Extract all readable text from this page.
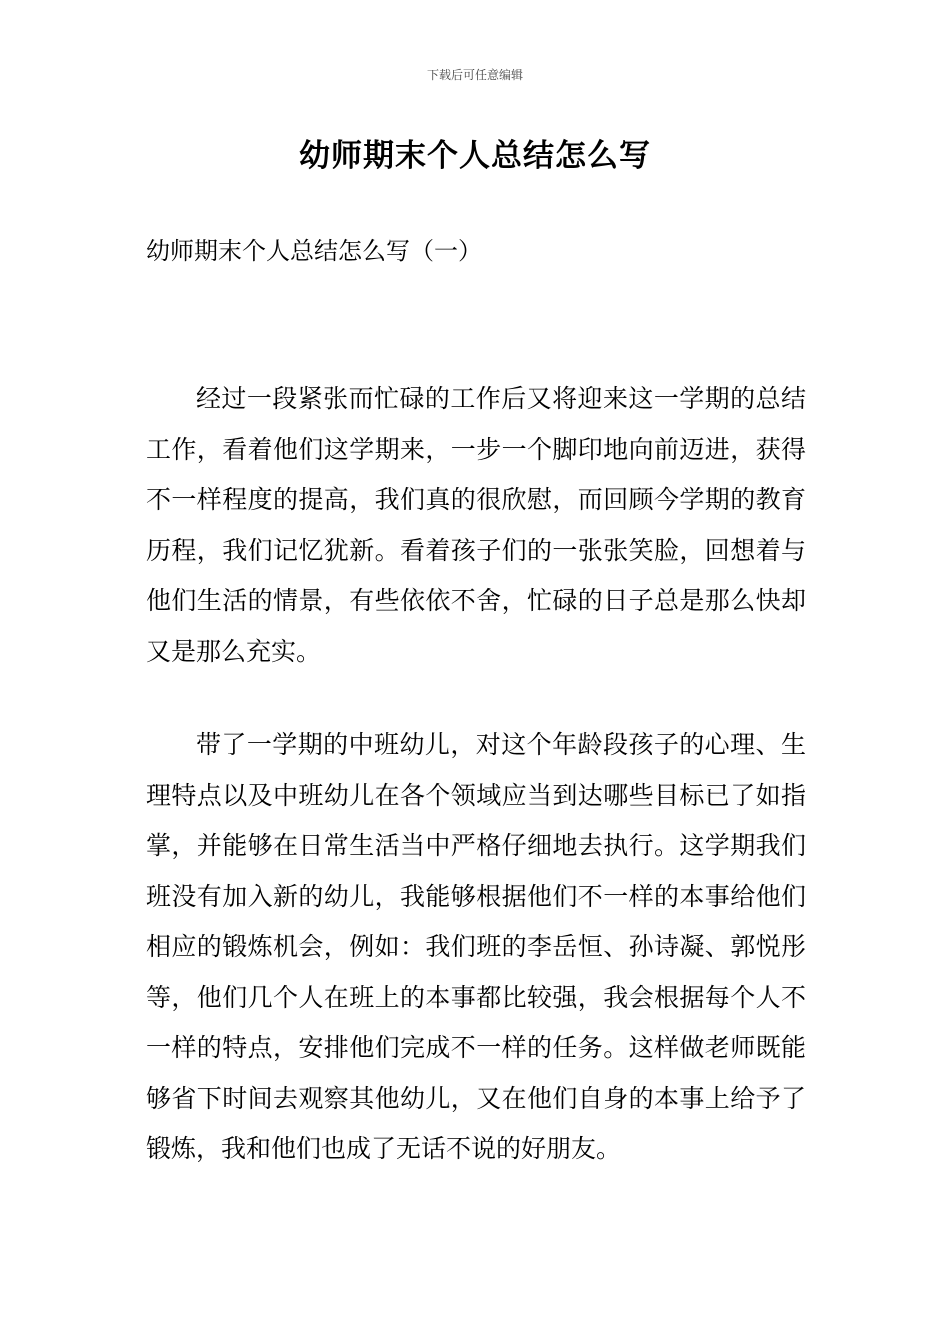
下载后可任意编辑
幼师期末个人总结怎么写
幼师期末个人总结怎么写（一）

经过一段紧张而忙碌的工作后又将迎来这一学期的总结工作，看着他们这学期来，一步一个脚印地向前迈进，获得不一样程度的提高，我们真的很欣慰，而回顾今学期的教育历程，我们记忆犹新。看着孩子们的一张张笑脸，回想着与他们生活的情景，有些依依不舍，忙碌的日子总是那么快却又是那么充实。

带了一学期的中班幼儿，对这个年龄段孩子的心理、生理特点以及中班幼儿在各个领域应当到达哪些目标已了如指掌，并能够在日常生活当中严格仔细地去执行。这学期我们班没有加入新的幼儿，我能够根据他们不一样的本事给他们相应的锻炼机会，例如：我们班的李岳恒、孙诗凝、郭悦彤等，他们几个人在班上的本事都比较强，我会根据每个人不一样的特点，安排他们完成不一样的任务。这样做老师既能够省下时间去观察其他幼儿，又在他们自身的本事上给予了锻炼，我和他们也成了无话不说的好朋友。
